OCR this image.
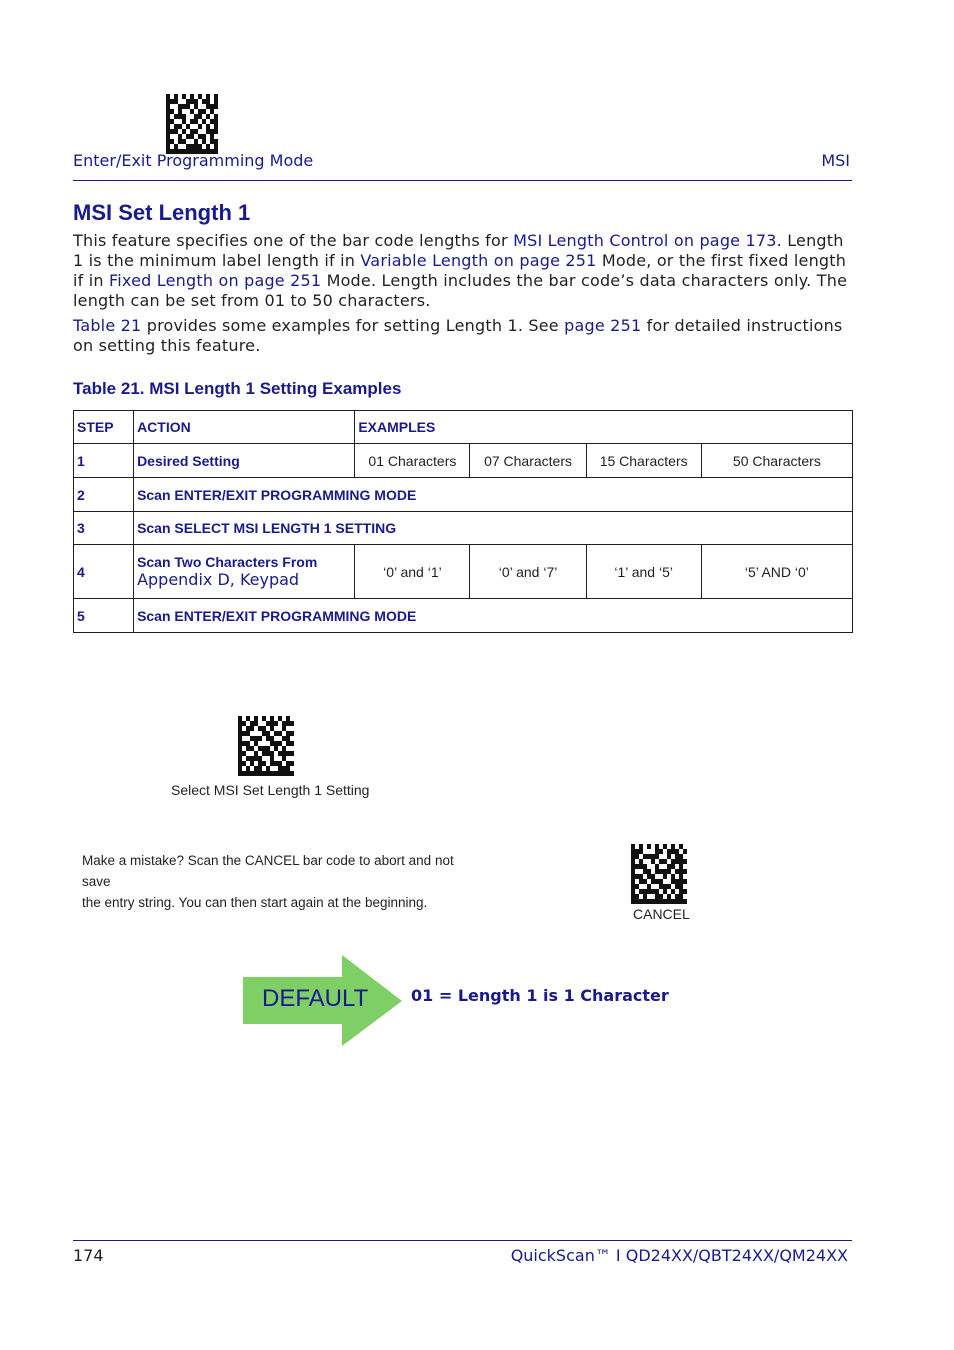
Enter/Exit Programming Mode	MSI
MSI Set Length 1
This feature specifies one of the bar code lengths for MSI Length Control on page 173. Length 1 is the minimum label length if in Variable Length on page 251 Mode, or the first fixed length if in Fixed Length on page 251 Mode. Length includes the bar code’s data characters only. The length can be set from 01 to 50 characters.
Table 21 provides some examples for setting Length 1. See page 251 for detailed instructions on setting this feature.
Table 21. MSI Length 1 Setting Examples
STEP	ACTION	EXAMPLES			
1	Desired Setting	01 Characters	07 Characters	15 Characters	50 Characters
2	Scan ENTER/EXIT PROGRAMMING MODE				
3	Scan SELECT MSI LENGTH 1 SETTING				
4	Scan Two Characters From
Appendix D, Keypad	‘0’ and ‘1’	‘0’ and ‘7’	‘1’ and ‘5’	‘5’ AND ‘0’
5	Scan ENTER/EXIT PROGRAMMING MODE				
Select MSI Set Length 1 Setting
Make a mistake? Scan the CANCEL bar code to abort and not save
the entry string. You can then start again at the beginning.
CANCEL
DEFAULT	01 = Length 1 is 1 Character
174	QuickScan™ I QD24XX/QBT24XX/QM24XX
